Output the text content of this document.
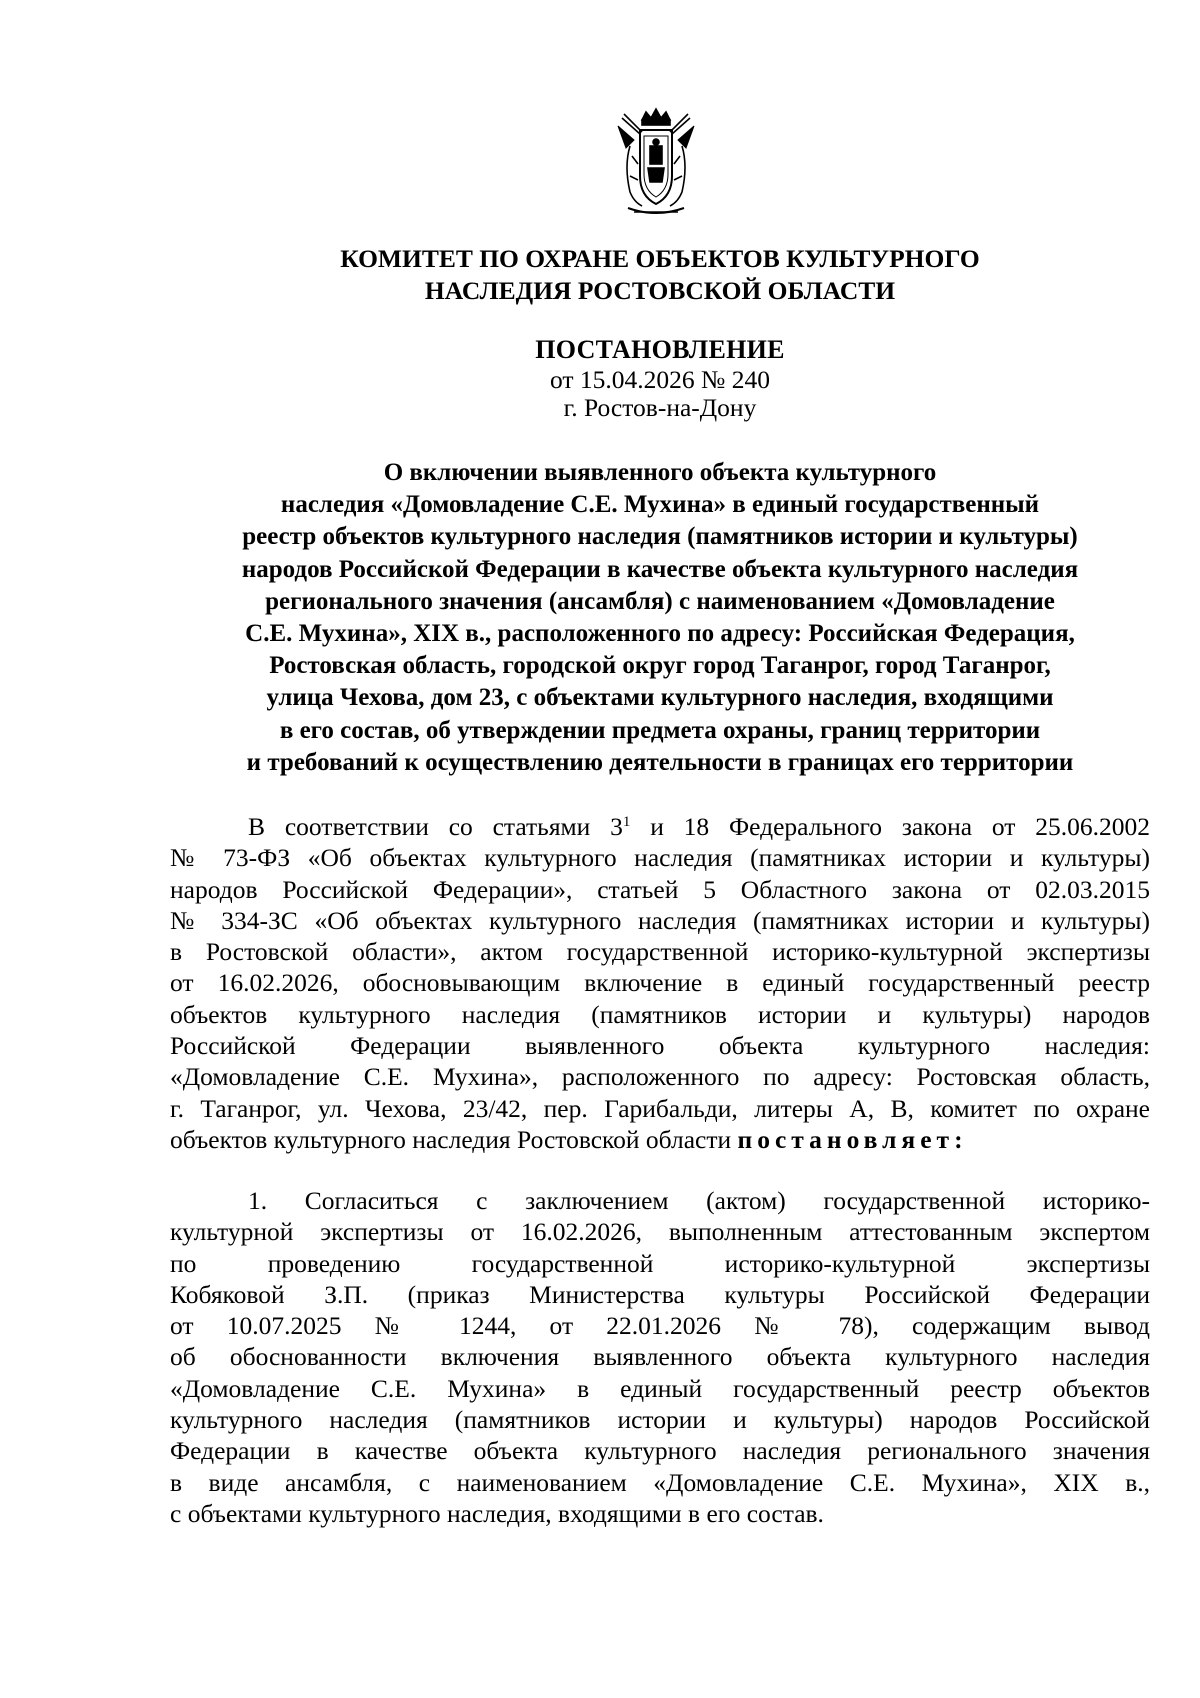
КОМИТЕТ ПО ОХРАНЕ ОБЪЕКТОВ КУЛЬТУРНОГО
НАСЛЕДИЯ РОСТОВСКОЙ ОБЛАСТИ
ПОСТАНОВЛЕНИЕ
от 15.04.2026 № 240
г. Ростов-на-Дону
О включении выявленного объекта культурного
наследия «Домовладение С.Е. Мухина» в единый государственный
реестр объектов культурного наследия (памятников истории и культуры)
народов Российской Федерации в качестве объекта культурного наследия
регионального значения (ансамбля) с наименованием «Домовладение
С.Е. Мухина», XIX в., расположенного по адресу: Российская Федерация,
Ростовская область, городской округ город Таганрог, город Таганрог,
улица Чехова, дом 23, с объектами культурного наследия, входящими
в его состав, об утверждении предмета охраны, границ территории
и требований к осуществлению деятельности в границах его территории
В соответствии со статьями $3^1$ и 18 Федерального закона от 25.06.2002
№ 73-ФЗ «Об объектах культурного наследия (памятниках истории и культуры)
народов Российской Федерации», статьей 5 Областного закона от 02.03.2015
№ 334-ЗС «Об объектах культурного наследия (памятниках истории и культуры)
в Ростовской области», актом государственной историко-культурной экспертизы
от 16.02.2026, обосновывающим включение в единый государственный реестр
объектов культурного наследия (памятников истории и культуры) народов
Российской Федерации выявленного объекта культурного наследия:
«Домовладение С.Е. Мухина», расположенного по адресу: Ростовская область,
г. Таганрог, ул. Чехова, 23/42, пер. Гарибальди, литеры А, В, комитет по охране
объектов культурного наследия Ростовской области постановляет:
1. Согласиться с заключением (актом) государственной историко-
культурной экспертизы от 16.02.2026, выполненным аттестованным экспертом
по проведению государственной историко-культурной экспертизы
Кобяковой З.П. (приказ Министерства культуры Российской Федерации
от 10.07.2025 № 1244, от 22.01.2026 № 78), содержащим вывод
об обоснованности включения выявленного объекта культурного наследия
«Домовладение С.Е. Мухина» в единый государственный реестр объектов
культурного наследия (памятников истории и культуры) народов Российской
Федерации в качестве объекта культурного наследия регионального значения
в виде ансамбля, с наименованием «Домовладение С.Е. Мухина», XIX в.,
с объектами культурного наследия, входящими в его состав.
